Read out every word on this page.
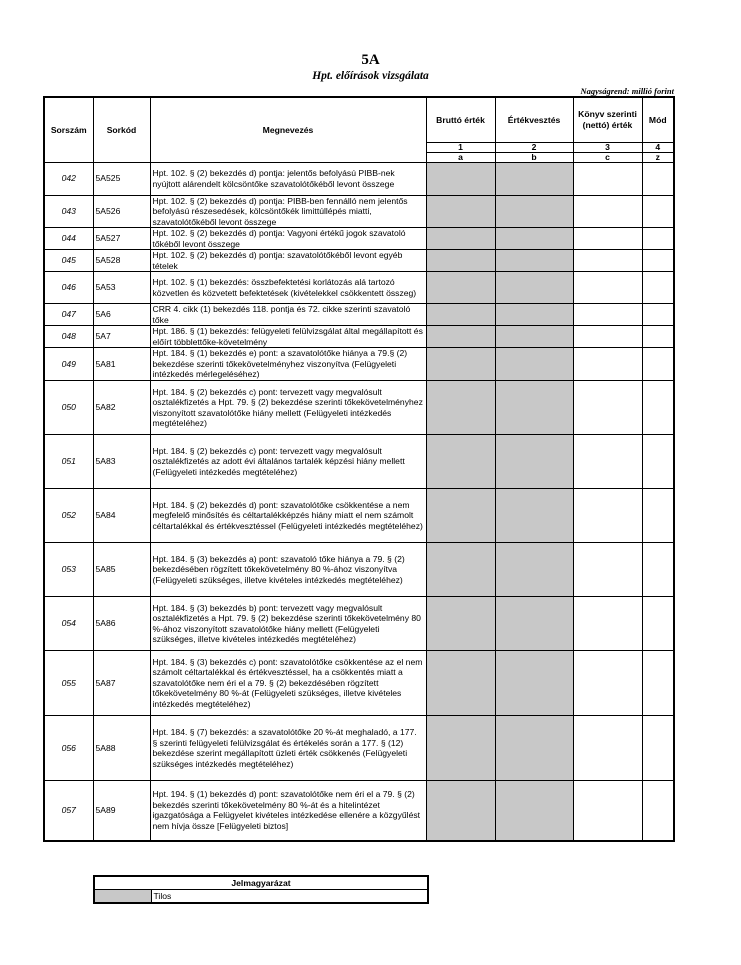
5A
Hpt. előírások vizsgálata
Nagyságrend: millió forint
Sorszám	Sorkód	Megnevezés	Bruttó érték	Értékvesztés	Könyv szerinti (nettó) érték	Mód
			1	2	3	4
			a	b	c	z
042	5A525	Hpt. 102. § (2) bekezdés d) pontja: jelentős befolyású PIBB-nek nyújtott alárendelt kölcsöntőke szavatolótőkéből levont összege				
043	5A526	Hpt. 102. § (2) bekezdés d) pontja: PIBB-ben fennálló nem jelentős befolyású részesedések, kölcsöntőkék limittúllépés miatti, szavatolótőkéből levont összege				
044	5A527	Hpt. 102. § (2) bekezdés d) pontja: Vagyoni értékű jogok szavatoló tőkéből levont összege				
045	5A528	Hpt. 102. § (2) bekezdés d) pontja: szavatolótőkéből levont egyéb tételek				
046	5A53	Hpt. 102. § (1) bekezdés: összbefektetési korlátozás alá tartozó közvetlen és közvetett befektetések (kivételekkel csökkentett összeg)				
047	5A6	CRR 4. cikk (1) bekezdés 118. pontja és 72. cikke szerinti szavatoló tőke				
048	5A7	Hpt. 186. § (1) bekezdés: felügyeleti felülvizsgálat által megállapított és előírt többlettőke-követelmény				
049	5A81	Hpt. 184. § (1) bekezdés e) pont: a szavatolótőke hiánya a 79.§ (2) bekezdése szerinti tőkekövetelményhez viszonyítva (Felügyeleti intézkedés mérlegeléséhez)				
050	5A82	Hpt. 184. § (2) bekezdés c) pont: tervezett vagy megvalósult osztalékfizetés a Hpt. 79. § (2) bekezdése szerinti tőkekövetelményhez viszonyított szavatolótőke hiány mellett (Felügyeleti intézkedés megtételéhez)				
051	5A83	Hpt. 184. § (2) bekezdés c) pont: tervezett vagy megvalósult osztalékfizetés az adott évi általános tartalék képzési hiány mellett (Felügyeleti intézkedés megtételéhez)				
052	5A84	Hpt. 184. § (2) bekezdés d) pont: szavatolótőke csökkentése a nem megfelelő minősítés és céltartalékképzés hiány miatt el nem számolt céltartalékkal és értékvesztéssel (Felügyeleti intézkedés megtételéhez)				
053	5A85	Hpt. 184. § (3) bekezdés a) pont: szavatoló tőke hiánya a 79. § (2) bekezdésében rögzített tőkekövetelmény 80 %-ához viszonyítva (Felügyeleti szükséges, illetve kivételes intézkedés megtételéhez)				
054	5A86	Hpt. 184. § (3) bekezdés b) pont: tervezett vagy megvalósult osztalékfizetés a Hpt. 79. § (2) bekezdése szerinti tőkekövetelmény 80 %-ához viszonyított szavatolótőke hiány mellett (Felügyeleti szükséges, illetve kivételes intézkedés megtételéhez)				
055	5A87	Hpt. 184. § (3) bekezdés c) pont: szavatolótőke csökkentése az el nem számolt céltartalékkal és értékvesztéssel, ha a csökkentés miatt a szavatolótőke nem éri el a 79. § (2) bekezdésében rögzített tőkekövetelmény 80 %-át (Felügyeleti szükséges, illetve kivételes intézkedés megtételéhez)				
056	5A88	Hpt. 184. § (7) bekezdés: a szavatolótőke 20 %-át meghaladó, a 177. § szerinti felügyeleti felülvizsgálat és értékelés során a 177. § (12) bekezdése szerint megállapított üzleti érték csökkenés (Felügyeleti szükséges intézkedés megtételéhez)				
057	5A89	Hpt. 194. § (1) bekezdés d) pont: szavatolótőke nem éri el a 79. § (2) bekezdés szerinti tőkekövetelmény 80 %-át és a hitelintézet igazgatósága a Felügyelet kivételes intézkedése ellenére a közgyűlést nem hívja össze [Felügyeleti biztos]				
Jelmagyarázat
	Tilos
